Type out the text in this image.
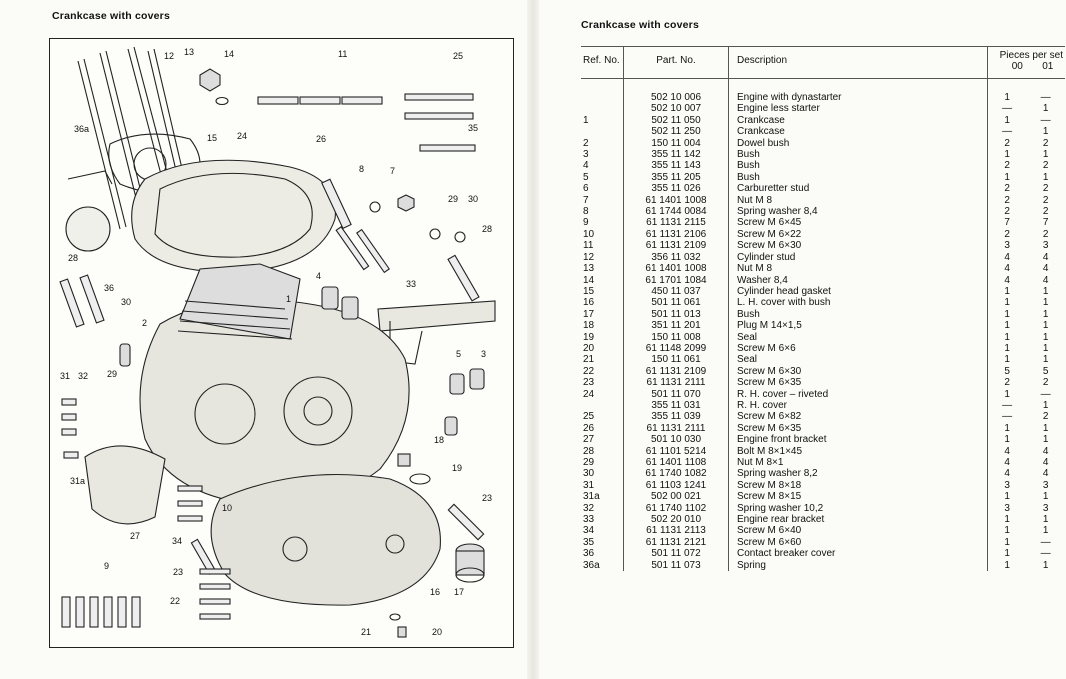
Crankcase with covers
12 13	14	11	25
36a
15 24
35
26
8	7
29 30
28
28
36	33
1
4
30
2
5 3
31 32 29
18
31a
10
19
27	34
23
9
23
22
16 17
21	20
Crankcase with covers
Ref. No.	Part. No.	Description	Pieces per set
00 01	

	502 10 006	Engine with dynastarter	1	—
	502 10 007	Engine less starter	—	1
1	502 11 050	Crankcase	1	—
	502 11 250	Crankcase	—	1
2	150 11 004	Dowel bush	2	2
3	355 11 142	Bush	1	1
4	355 11 143	Bush	2	2
5	355 11 205	Bush	1	1
6	355 11 026	Carburetter stud	2	2
7	61 1401 1008	Nut M 8	2	2
8	61 1744 0084	Spring washer 8,4	2	2
9	61 1131 2115	Screw M 6×45	7	7
10	61 1131 2106	Screw M 6×22	2	2
11	61 1131 2109	Screw M 6×30	3	3
12	356 11 032	Cylinder stud	4	4
13	61 1401 1008	Nut M 8	4	4
14	61 1701 1084	Washer 8,4	4	4
15	450 11 037	Cylinder head gasket	1	1
16	501 11 061	L. H. cover with bush	1	1
17	501 11 013	Bush	1	1
18	351 11 201	Plug M 14×1,5	1	1
19	150 11 008	Seal	1	1
20	61 1148 2099	Screw M 6×6	1	1
21	150 11 061	Seal	1	1
22	61 1131 2109	Screw M 6×30	5	5
23	61 1131 2111	Screw M 6×35	2	2
24	501 11 070	R. H. cover – riveted	1	—
	355 11 031	R. H. cover	—	1
25	355 11 039	Screw M 6×82	—	2
26	61 1131 2111	Screw M 6×35	1	1
27	501 10 030	Engine front bracket	1	1
28	61 1101 5214	Bolt M 8×1×45	4	4
29	61 1401 1108	Nut M 8×1	4	4
30	61 1740 1082	Spring washer 8,2	4	4
31	61 1103 1241	Screw M 8×18	3	3
31a	502 00 021	Screw M 8×15	1	1
32	61 1740 1102	Spring washer 10,2	3	3
33	502 20 010	Engine rear bracket	1	1
34	61 1131 2113	Screw M 6×40	1	1
35	61 1131 2121	Screw M 6×60	1	—
36	501 11 072	Contact breaker cover	1	—
36a	501 11 073	Spring	1	1
